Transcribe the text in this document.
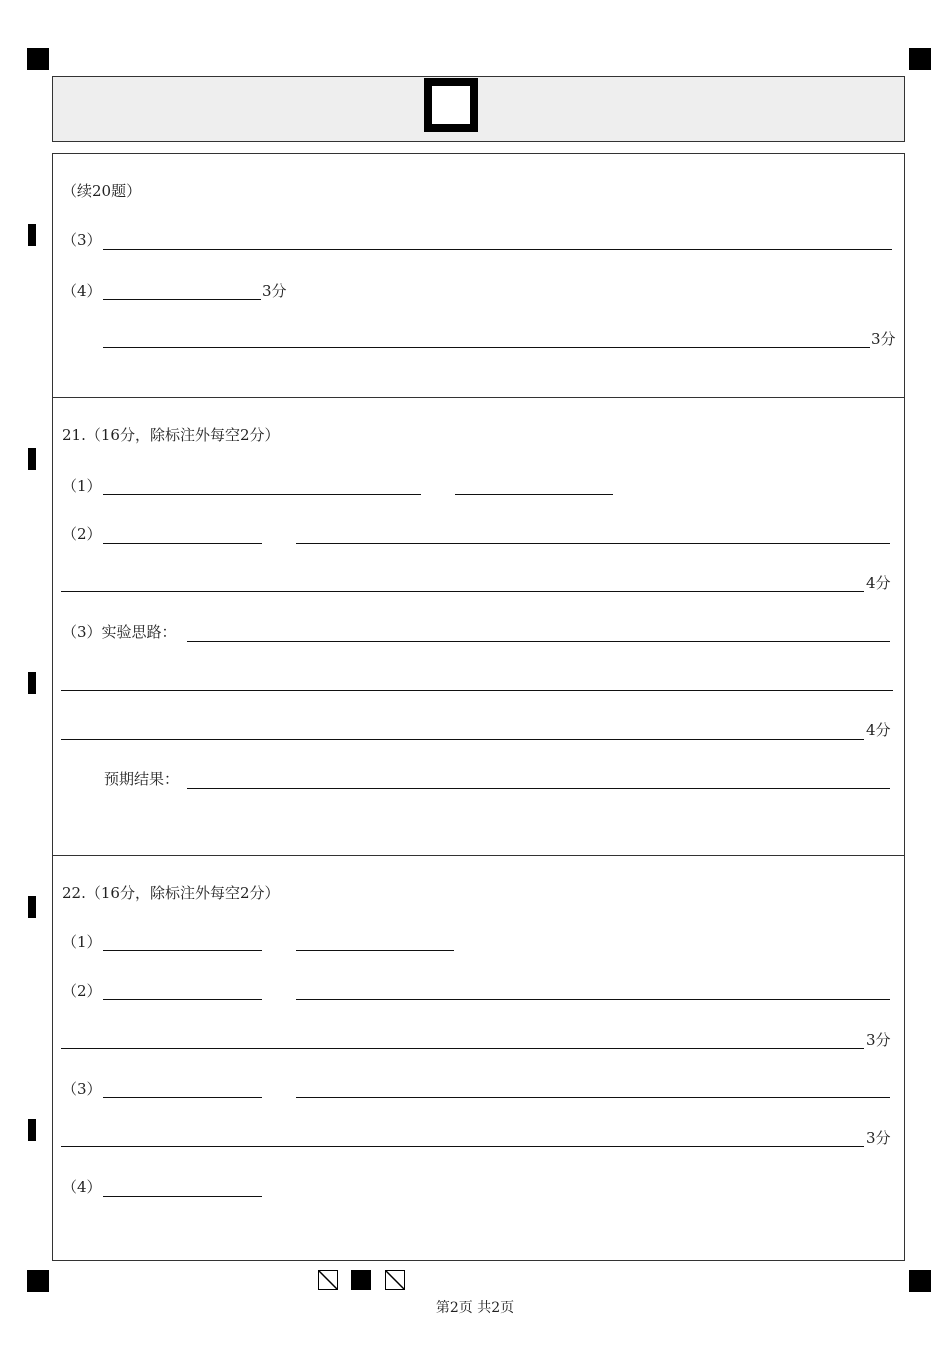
（续20题）
（3）
（4）	3分
3分
21.（16分，除标注外每空2分）
（1）
（2）
4分
（3）实验思路：
4分
预期结果：
22.（16分，除标注外每空2分）
（1）
（2）
3分
（3）
3分
（4）
第2页 共2页
